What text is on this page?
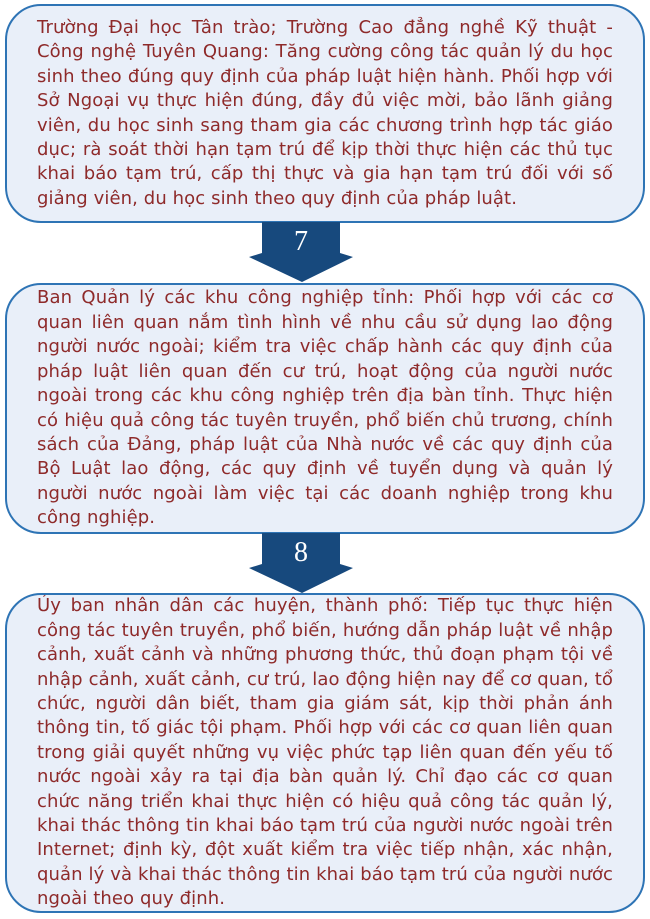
Trường Đại học Tân trào; Trường Cao đẳng nghề Kỹ thuật - Công nghệ Tuyên Quang: Tăng cường công tác quản lý du học sinh theo đúng quy định của pháp luật hiện hành. Phối hợp với Sở Ngoại vụ thực hiện đúng, đầy đủ việc mời, bảo lãnh giảng viên, du học sinh sang tham gia các chương trình hợp tác giáo dục; rà soát thời hạn tạm trú để kịp thời thực hiện các thủ tục khai báo tạm trú, cấp thị thực và gia hạn tạm trú đối với số giảng viên, du học sinh theo quy định của pháp luật.

7

Ban Quản lý các khu công nghiệp tỉnh: Phối hợp với các cơ quan liên quan nắm tình hình về nhu cầu sử dụng lao động người nước ngoài; kiểm tra việc chấp hành các quy định của pháp luật liên quan đến cư trú, hoạt động của người nước ngoài trong các khu công nghiệp trên địa bàn tỉnh. Thực hiện có hiệu quả công tác tuyên truyền, phổ biến chủ trương, chính sách của Đảng, pháp luật của Nhà nước về các quy định của Bộ Luật lao động, các quy định về tuyển dụng và quản lý người nước ngoài làm việc tại các doanh nghiệp trong khu công nghiệp.

8

Ủy ban nhân dân các huyện, thành phố: Tiếp tục thực hiện công tác tuyên truyền, phổ biến, hướng dẫn pháp luật về nhập cảnh, xuất cảnh và những phương thức, thủ đoạn phạm tội về nhập cảnh, xuất cảnh, cư trú, lao động hiện nay để cơ quan, tổ chức, người dân biết, tham gia giám sát, kịp thời phản ánh thông tin, tố giác tội phạm. Phối hợp với các cơ quan liên quan trong giải quyết những vụ việc phức tạp liên quan đến yếu tố nước ngoài xảy ra tại địa bàn quản lý. Chỉ đạo các cơ quan chức năng triển khai thực hiện có hiệu quả công tác quản lý, khai thác thông tin khai báo tạm trú của người nước ngoài trên Internet; định kỳ, đột xuất kiểm tra việc tiếp nhận, xác nhận, quản lý và khai thác thông tin khai báo tạm trú của người nước ngoài theo quy định.
